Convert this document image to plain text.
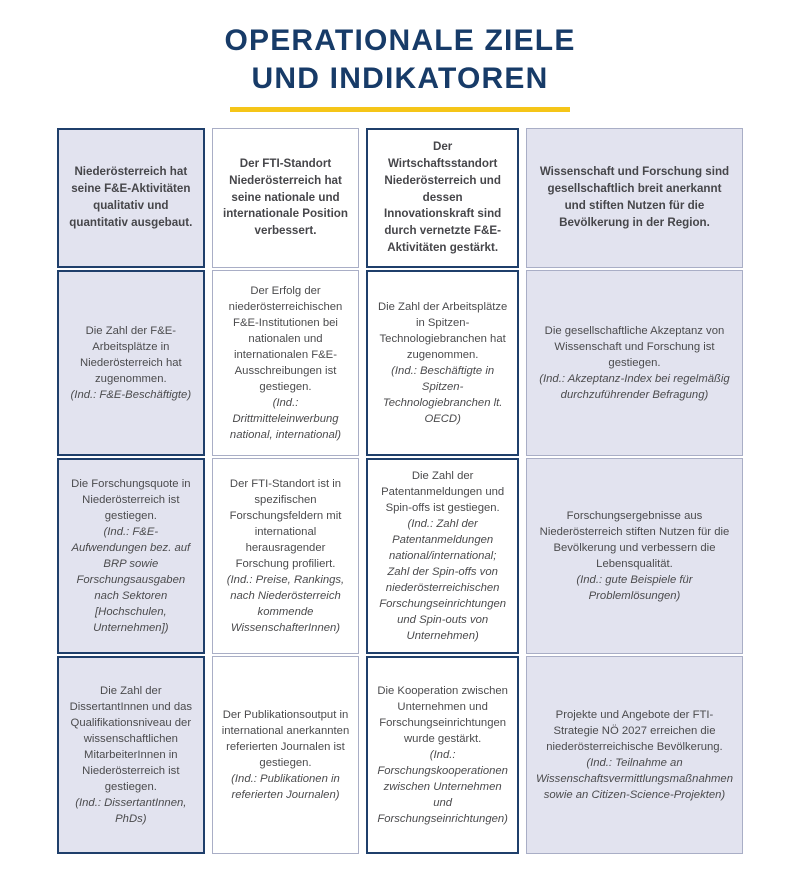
OPERATIONALE ZIELE
UND INDIKATOREN

Niederösterreich hat seine F&E-Aktivitäten qualitativ und quantitativ ausgebaut.

Der FTI-Standort Niederösterreich hat seine nationale und internationale Position verbessert.

Der Wirtschaftsstandort Niederösterreich und dessen Innovationskraft sind durch vernetzte F&E-Aktivitäten gestärkt.

Wissenschaft und Forschung sind gesellschaftlich breit anerkannt und stiften Nutzen für die Bevölkerung in der Region.

Die Zahl der F&E-Arbeitsplätze in Niederösterreich hat zugenommen.
(Ind.: F&E-Beschäftigte)

Der Erfolg der niederösterreichischen F&E-Institutionen bei nationalen und internationalen F&E-Ausschreibungen ist gestiegen.
(Ind.: Drittmitteleinwerbung national, international)

Die Zahl der Arbeitsplätze in Spitzen-Technologiebranchen hat zugenommen.
(Ind.: Beschäftigte in Spitzen-Technologiebranchen lt. OECD)

Die gesellschaftliche Akzeptanz von Wissenschaft und Forschung ist gestiegen.
(Ind.: Akzeptanz-Index bei regelmäßig durchzuführender Befragung)

Die Forschungsquote in Niederösterreich ist gestiegen.
(Ind.: F&E-Aufwendungen bez. auf BRP sowie Forschungsausgaben nach Sektoren [Hochschulen, Unternehmen])

Der FTI-Standort ist in spezifischen Forschungsfeldern mit international herausragender Forschung profiliert.
(Ind.: Preise, Rankings, nach Niederösterreich kommende WissenschafterInnen)

Die Zahl der Patentanmeldungen und Spin-offs ist gestiegen.
(Ind.: Zahl der Patentanmeldungen national/international; Zahl der Spin-offs von niederösterreichischen Forschungseinrichtungen und Spin-outs von Unternehmen)

Forschungsergebnisse aus Niederösterreich stiften Nutzen für die Bevölkerung und verbessern die Lebensqualität.
(Ind.: gute Beispiele für Problemlösungen)

Die Zahl der DissertantInnen und das Qualifikationsniveau der wissenschaftlichen MitarbeiterInnen in Niederösterreich ist gestiegen.
(Ind.: DissertantInnen, PhDs)

Der Publikationsoutput in international anerkannten referierten Journalen ist gestiegen.
(Ind.: Publikationen in referierten Journalen)

Die Kooperation zwischen Unternehmen und Forschungseinrichtungen wurde gestärkt.
(Ind.: Forschungskooperationen zwischen Unternehmen und Forschungseinrichtungen)

Projekte und Angebote der FTI-Strategie NÖ 2027 erreichen die niederösterreichische Bevölkerung.
(Ind.: Teilnahme an Wissenschaftsvermittlungsmaßnahmen sowie an Citizen-Science-Projekten)
